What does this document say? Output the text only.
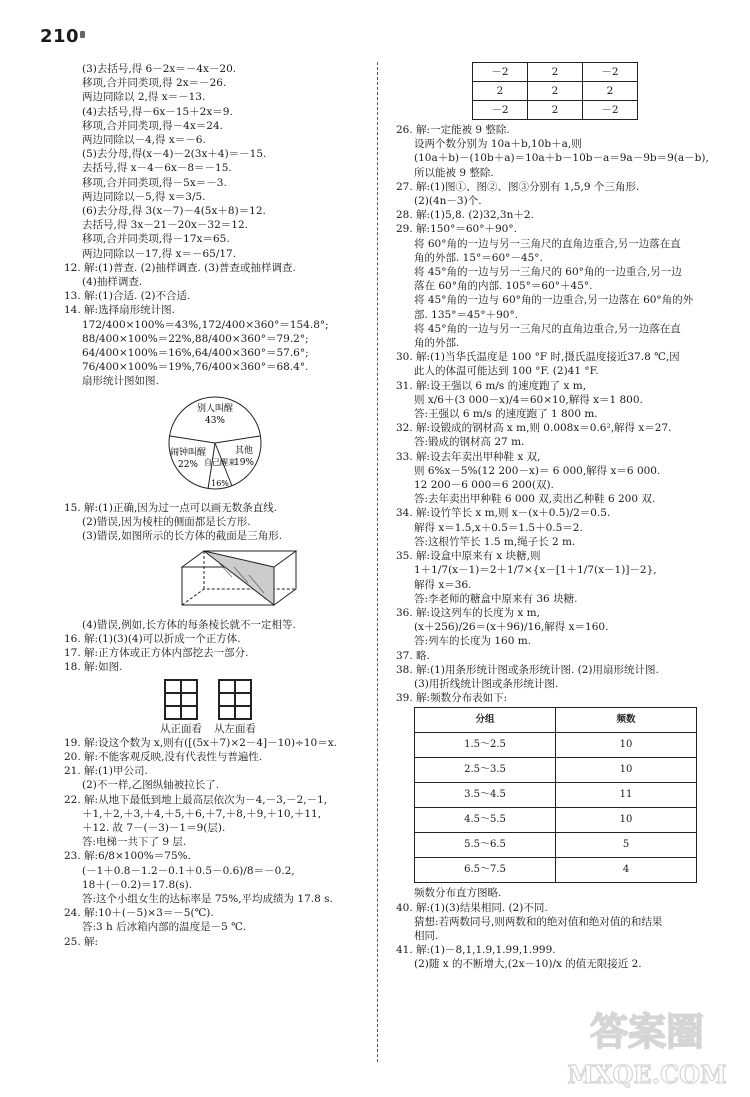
210
(3)去括号,得 6－2x＝－4x－20.
移项,合并同类项,得 2x＝－26.
两边同除以 2,得 x＝－13.
(4)去括号,得－6x－15＋2x＝9.
移项,合并同类项,得－4x＝24.
两边同除以－4,得 x＝－6.
(5)去分母,得(x－4)－2(3x＋4)＝－15.
去括号,得 x－4－6x－8＝－15.
移项,合并同类项,得－5x＝－3.
两边同除以－5,得 x＝3/5.
(6)去分母,得 3(x－7)－4(5x＋8)＝12.
去括号,得 3x－21－20x－32＝12.
移项,合并同类项,得－17x＝65.
两边同除以－17,得 x＝－65/17.
12. 解:(1)普查. (2)抽样调查. (3)普查或抽样调查.
(4)抽样调查.
13. 解:(1)合适. (2)不合适.
14. 解:选择扇形统计图.
172/400×100%＝43%,172/400×360°＝154.8°;
88/400×100%＝22%,88/400×360°＝79.2°;
64/400×100%＝16%,64/400×360°＝57.6°;
76/400×100%＝19%,76/400×360°＝68.4°.
扇形统计图如图.
别人叫醒
43%
其他
19%
自己醒来
16%
闹钟叫醒
22%
15. 解:(1)正确,因为过一点可以画无数条直线.
(2)错误,因为棱柱的侧面都是长方形.
(3)错误,如图所示的长方体的截面是三角形.
(4)错误,例如,长方体的每条棱长就不一定相等.
16. 解:(1)(3)(4)可以折成一个正方体.
17. 解:正方体或正方体内部挖去一部分.
18. 解:如图.
从正面看 从左面看
19. 解:设这个数为 x,则有([(5x＋7)×2－4]－10)÷10＝x.
20. 解:不能客观反映,没有代表性与普遍性.
21. 解:(1)甲公司.
(2)不一样,乙图纵轴被拉长了.
22. 解:从地下最低到地上最高层依次为－4,－3,－2,－1,
＋1,＋2,＋3,＋4,＋5,＋6,＋7,＋8,＋9,＋10,＋11,
＋12. 故 7－(－3)－1＝9(层).
答:电梯一共下了 9 层.
23. 解:6/8×100%＝75%.
(－1＋0.8－1.2－0.1＋0.5－0.6)/8＝－0.2,
18＋(－0.2)＝17.8(s).
答:这个小组女生的达标率是 75%,平均成绩为 17.8 s.
24. 解:10＋(－5)×3＝－5(℃).
答:3 h 后冰箱内部的温度是－5 ℃.
25. 解:
－2	2	－2
2	2	2
－2	2	－2
26. 解:一定能被 9 整除.
设两个数分别为 10a＋b,10b＋a,则
(10a＋b)－(10b＋a)＝10a＋b－10b－a＝9a－9b＝9(a－b),
所以能被 9 整除.
27. 解:(1)图①、图②、图③分别有 1,5,9 个三角形.
(2)(4n－3)个.
28. 解:(1)5,8. (2)32,3n＋2.
29. 解:150°＝60°＋90°.
将 60°角的一边与另一三角尺的直角边重合,另一边落在直
角的外部. 15°＝60°－45°.
将 45°角的一边与另一三角尺的 60°角的一边重合,另一边
落在 60°角的内部. 105°＝60°＋45°.
将 45°角的一边与 60°角的一边重合,另一边落在 60°角的外
部. 135°＝45°＋90°.
将 45°角的一边与另一三角尺的直角边重合,另一边落在直
角的外部.
30. 解:(1)当华氏温度是 100 °F 时,摄氏温度接近37.8 ℃,因
此人的体温可能达到 100 °F. (2)41 °F.
31. 解:设王强以 6 m/s 的速度跑了 x m,
则 x/6＋(3 000－x)/4＝60×10,解得 x＝1 800.
答:王强以 6 m/s 的速度跑了 1 800 m.
32. 解:设锻成的钢材高 x m,则 0.008x＝0.6²,解得 x＝27.
答:锻成的钢材高 27 m.
33. 解:设去年卖出甲种鞋 x 双,
则 6%x－5%(12 200－x)＝ 6 000,解得 x＝6 000.
12 200－6 000＝6 200(双).
答:去年卖出甲种鞋 6 000 双,卖出乙种鞋 6 200 双.
34. 解:设竹竿长 x m,则 x－(x＋0.5)/2＝0.5.
解得 x＝1.5,x＋0.5＝1.5＋0.5＝2.
答:这根竹竿长 1.5 m,绳子长 2 m.
35. 解:设盒中原来有 x 块糖,则
1＋1/7(x－1)＝2＋1/7×{x－[1＋1/7(x－1)]－2},
解得 x＝36.
答:李老师的糖盒中原来有 36 块糖.
36. 解:设这列车的长度为 x m,
(x＋256)/26＝(x＋96)/16,解得 x＝160.
答:列车的长度为 160 m.
37. 略.
38. 解:(1)用条形统计图或条形统计图. (2)用扇形统计图.
(3)用折线统计图或条形统计图.
39. 解:频数分布表如下:
分组	频数
1.5～2.5	10
2.5～3.5	10
3.5～4.5	11
4.5～5.5	10
5.5～6.5	5
6.5～7.5	4
频数分布直方图略.
40. 解:(1)(3)结果相同. (2)不同.
猜想:若两数同号,则两数和的绝对值和绝对值的和结果
相同.
41. 解:(1)－8,1,1.9,1.99,1.999.
(2)随 x 的不断增大,(2x－10)/x 的值无限接近 2.
答案圈
MXQE.COM
